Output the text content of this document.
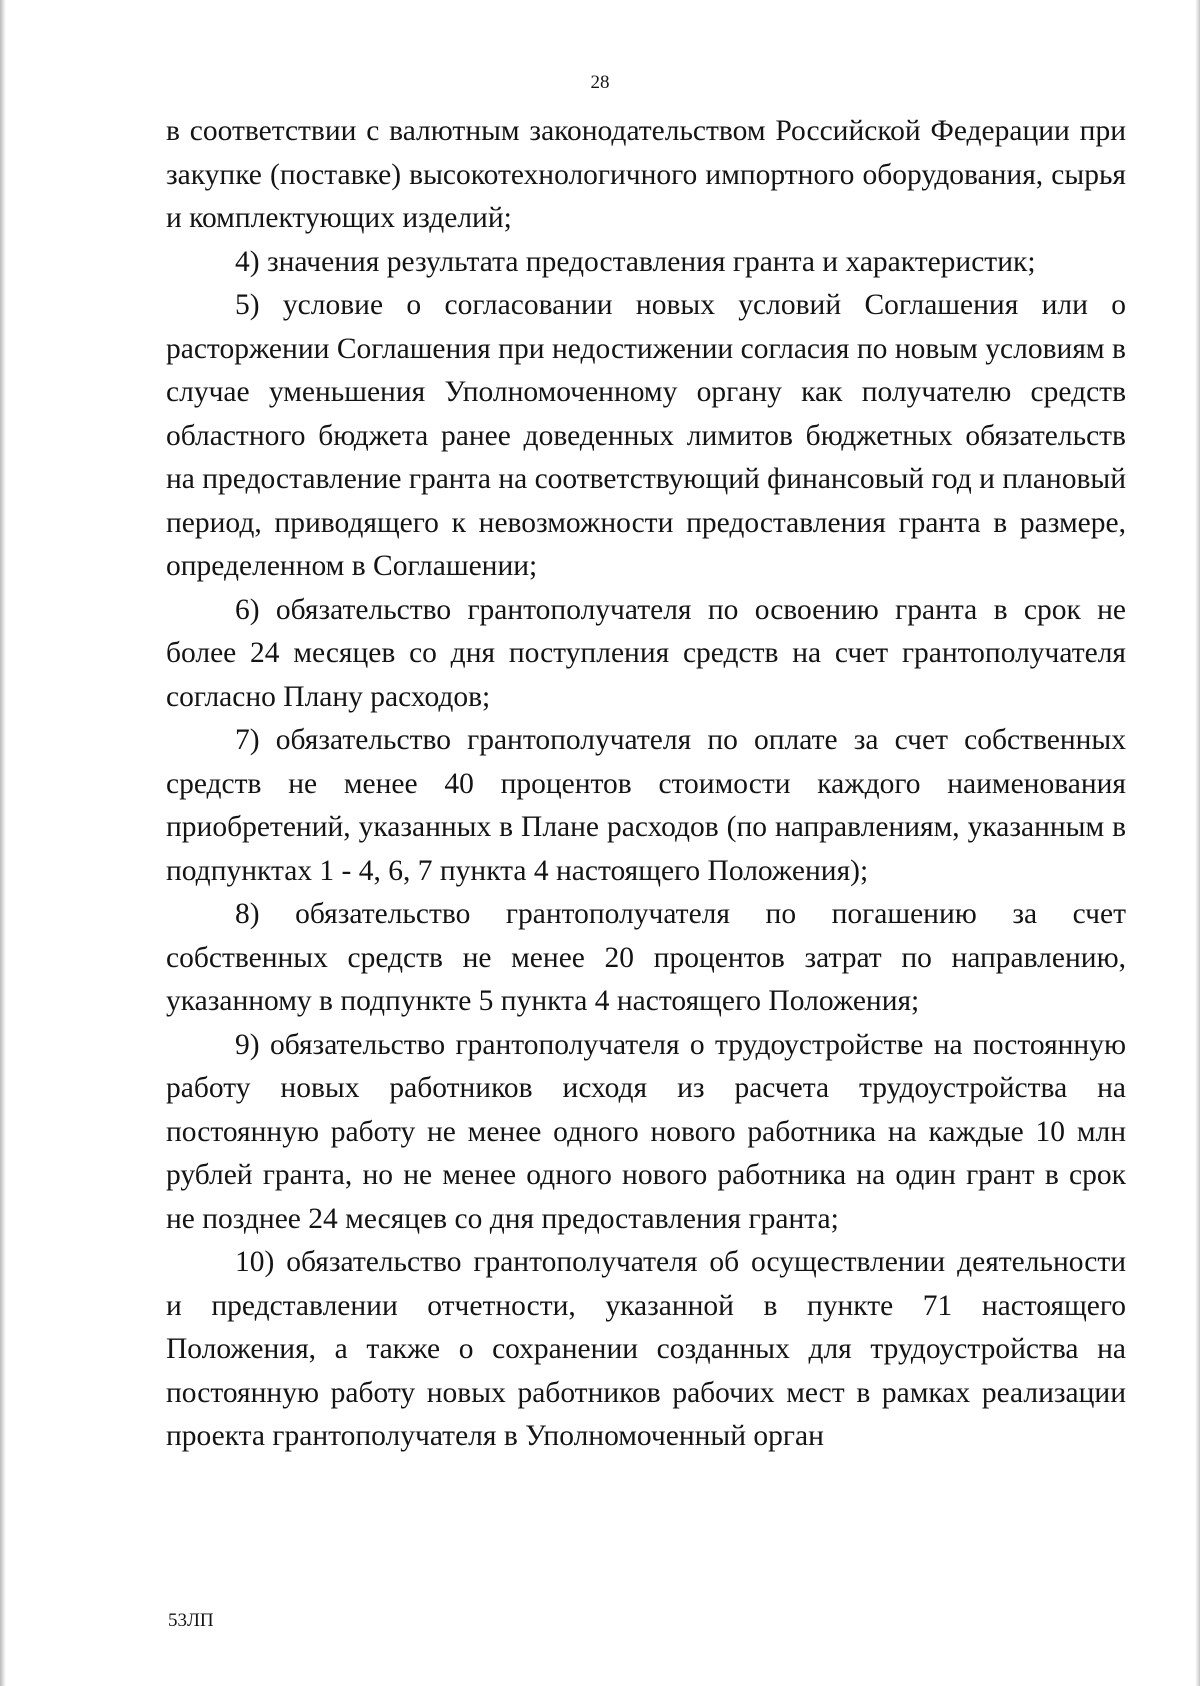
28

в соответствии с валютным законодательством Российской Федерации при закупке (поставке) высокотехнологичного импортного оборудования, сырья и комплектующих изделий;

4) значения результата предоставления гранта и характеристик;

5) условие о согласовании новых условий Соглашения или о расторжении Соглашения при недостижении согласия по новым условиям в случае уменьшения Уполномоченному органу как получателю средств областного бюджета ранее доведенных лимитов бюджетных обязательств на предоставление гранта на соответствующий финансовый год и плановый период, приводящего к невозможности предоставления гранта в размере, определенном в Соглашении;

6) обязательство грантополучателя по освоению гранта в срок не более 24 месяцев со дня поступления средств на счет грантополучателя согласно Плану расходов;

7) обязательство грантополучателя по оплате за счет собственных средств не менее 40 процентов стоимости каждого наименования приобретений, указанных в Плане расходов (по направлениям, указанным в подпунктах 1 - 4, 6, 7 пункта 4 настоящего Положения);

8) обязательство грантополучателя по погашению за счет собственных средств не менее 20 процентов затрат по направлению, указанному в подпункте 5 пункта 4 настоящего Положения;

9) обязательство грантополучателя о трудоустройстве на постоянную работу новых работников исходя из расчета трудоустройства на постоянную работу не менее одного нового работника на каждые 10 млн рублей гранта, но не менее одного нового работника на один грант в срок не позднее 24 месяцев со дня предоставления гранта;

10) обязательство грантополучателя об осуществлении деятельности и представлении отчетности, указанной в пункте 71 настоящего Положения, а также о сохранении созданных для трудоустройства на постоянную работу новых работников рабочих мест в рамках реализации проекта грантополучателя в Уполномоченный орган

53ЛП
